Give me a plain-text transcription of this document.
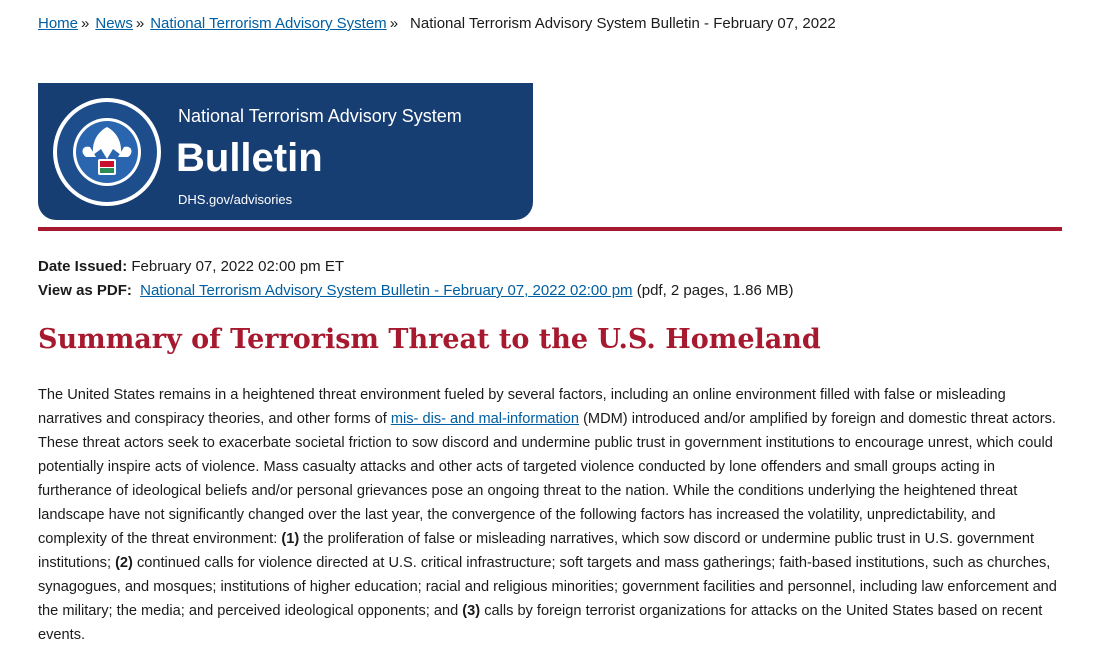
Home » News » National Terrorism Advisory System » National Terrorism Advisory System Bulletin - February 07, 2022
National Terrorism Advisory System
Bulletin
DHS.gov/advisories
Date Issued: February 07, 2022 02:00 pm ET
View as PDF: National Terrorism Advisory System Bulletin - February 07, 2022 02:00 pm (pdf, 2 pages, 1.86 MB)
Summary of Terrorism Threat to the U.S. Homeland

The United States remains in a heightened threat environment fueled by several factors, including an online environment filled with false or misleading narratives and conspiracy theories, and other forms of mis- dis- and mal-information (MDM) introduced and/or amplified by foreign and domestic threat actors. These threat actors seek to exacerbate societal friction to sow discord and undermine public trust in government institutions to encourage unrest, which could potentially inspire acts of violence. Mass casualty attacks and other acts of targeted violence conducted by lone offenders and small groups acting in furtherance of ideological beliefs and/or personal grievances pose an ongoing threat to the nation. While the conditions underlying the heightened threat landscape have not significantly changed over the last year, the convergence of the following factors has increased the volatility, unpredictability, and complexity of the threat environment: (1) the proliferation of false or misleading narratives, which sow discord or undermine public trust in U.S. government institutions; (2) continued calls for violence directed at U.S. critical infrastructure; soft targets and mass gatherings; faith-based institutions, such as churches, synagogues, and mosques; institutions of higher education; racial and religious minorities; government facilities and personnel, including law enforcement and the military; the media; and perceived ideological opponents; and (3) calls by foreign terrorist organizations for attacks on the United States based on recent events.
